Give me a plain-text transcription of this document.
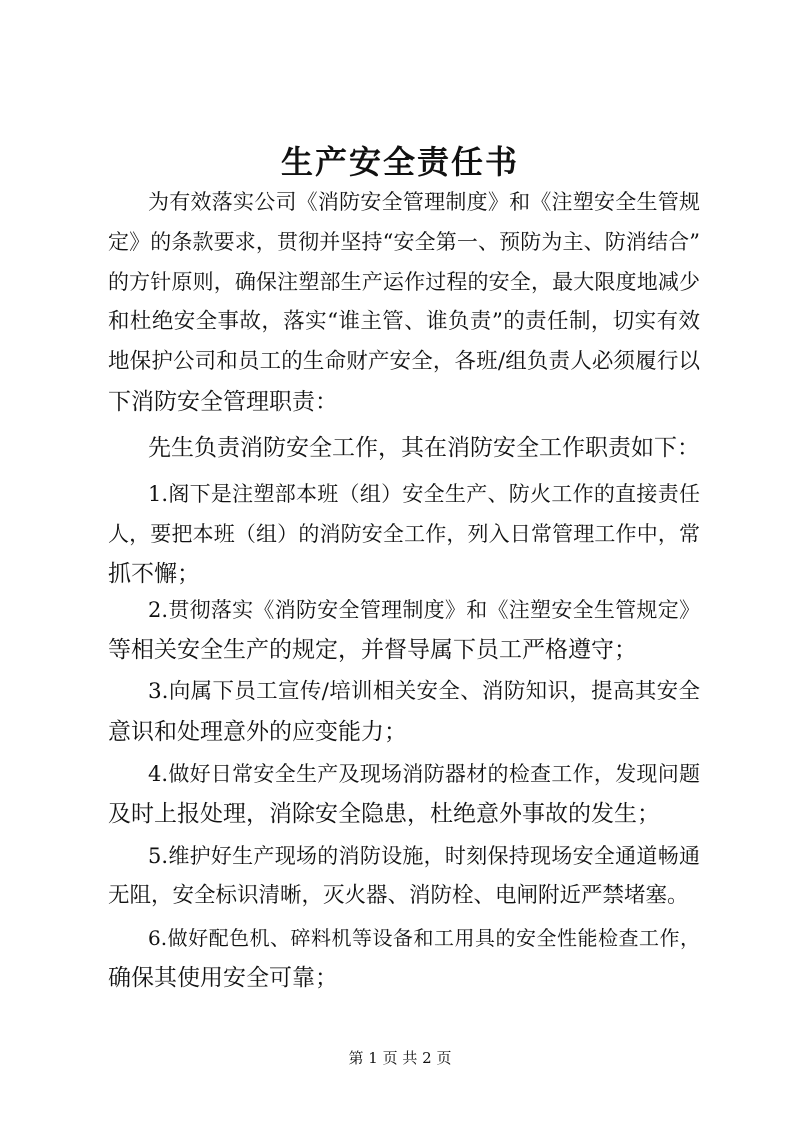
生产安全责任书
为有效落实公司《消防安全管理制度》和《注塑安全生管规
定》的条款要求，贯彻并坚持“安全第一、预防为主、防消结合”
的方针原则，确保注塑部生产运作过程的安全，最大限度地减少
和杜绝安全事故，落实“谁主管、谁负责”的责任制，切实有效
地保护公司和员工的生命财产安全，各班/组负责人必须履行以
下消防安全管理职责：
先生负责消防安全工作，其在消防安全工作职责如下：
1.阁下是注塑部本班（组）安全生产、防火工作的直接责任
人，要把本班（组）的消防安全工作，列入日常管理工作中，常
抓不懈；
2.贯彻落实《消防安全管理制度》和《注塑安全生管规定》
等相关安全生产的规定，并督导属下员工严格遵守；
3.向属下员工宣传/培训相关安全、消防知识，提高其安全
意识和处理意外的应变能力；
4.做好日常安全生产及现场消防器材的检查工作，发现问题
及时上报处理，消除安全隐患，杜绝意外事故的发生；
5.维护好生产现场的消防设施，时刻保持现场安全通道畅通
无阻，安全标识清晰，灭火器、消防栓、电闸附近严禁堵塞。
6.做好配色机、碎料机等设备和工用具的安全性能检查工作，
确保其使用安全可靠；
第 1 页 共 2 页
